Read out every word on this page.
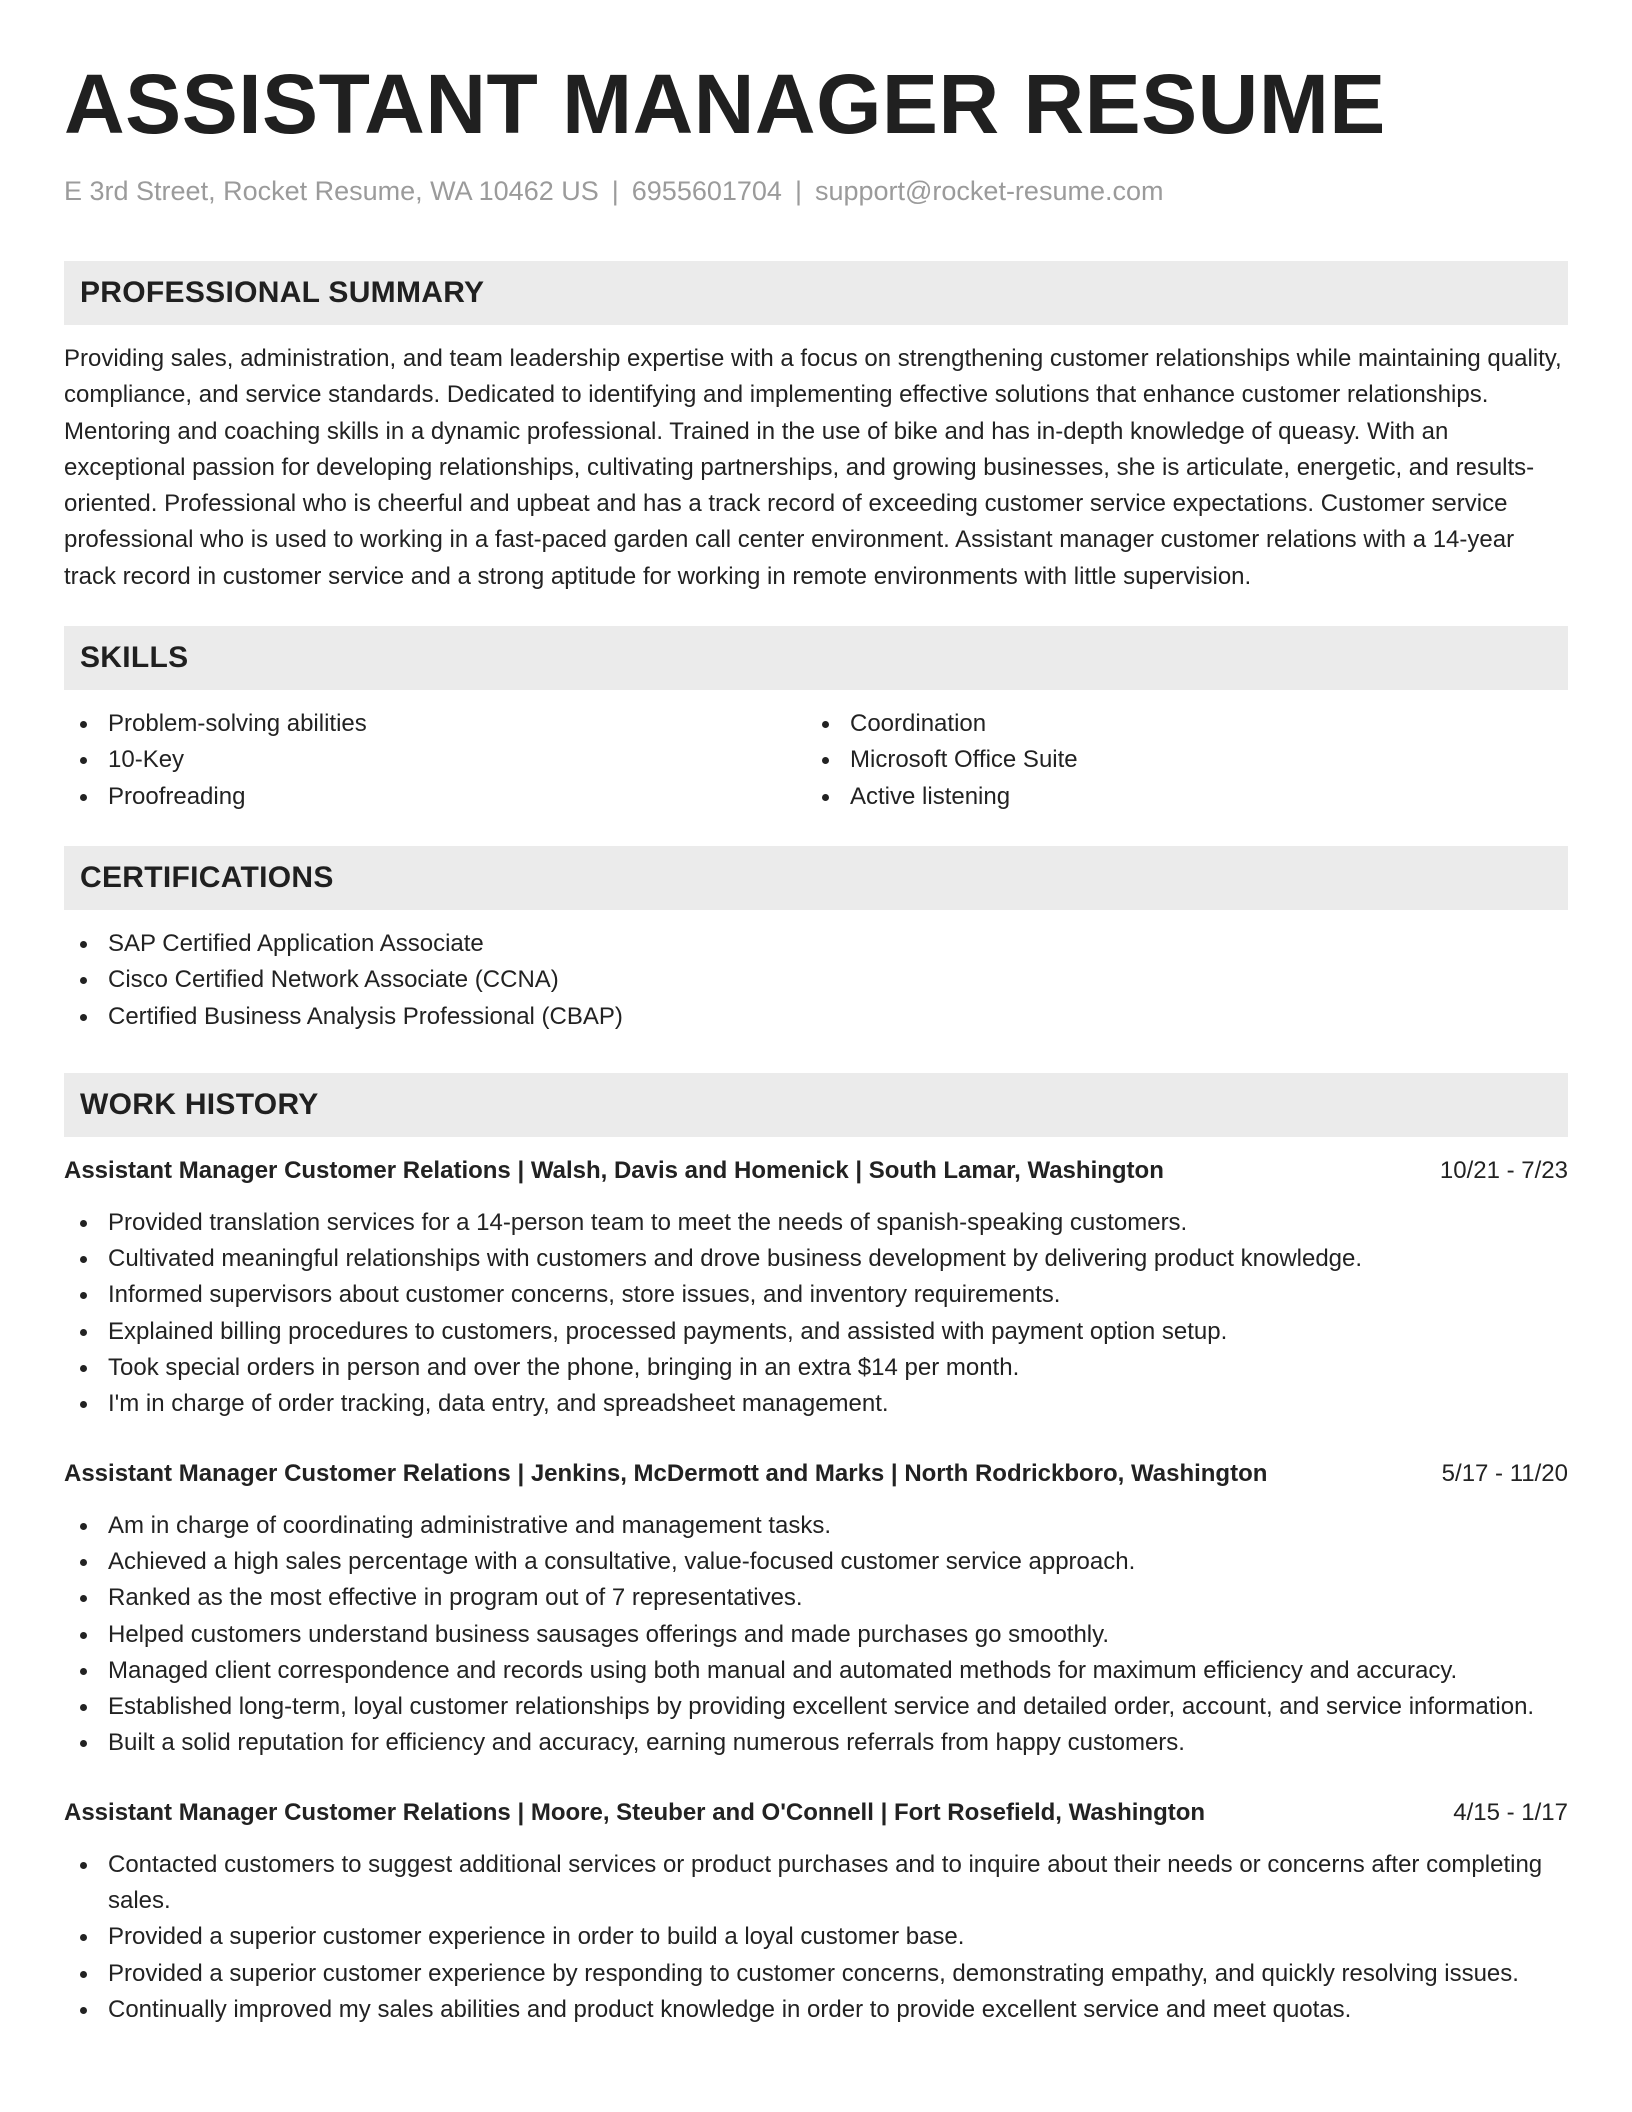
ASSISTANT MANAGER RESUME
E 3rd Street, Rocket Resume, WA 10462 US | 6955601704 | support@rocket-resume.com
PROFESSIONAL SUMMARY

Providing sales, administration, and team leadership expertise with a focus on strengthening customer relationships while maintaining quality, compliance, and service standards. Dedicated to identifying and implementing effective solutions that enhance customer relationships. Mentoring and coaching skills in a dynamic professional. Trained in the use of bike and has in-depth knowledge of queasy. With an exceptional passion for developing relationships, cultivating partnerships, and growing businesses, she is articulate, energetic, and results-oriented. Professional who is cheerful and upbeat and has a track record of exceeding customer service expectations. Customer service professional who is used to working in a fast-paced garden call center environment. Assistant manager customer relations with a 14-year track record in customer service and a strong aptitude for working in remote environments with little supervision.

SKILLS
Problem-solving abilities
10-Key
Proofreading
Coordination
Microsoft Office Suite
Active listening
CERTIFICATIONS
SAP Certified Application Associate
Cisco Certified Network Associate (CCNA)
Certified Business Analysis Professional (CBAP)
WORK HISTORY
Assistant Manager Customer Relations | Walsh, Davis and Homenick | South Lamar, Washington	10/21 - 7/23
Provided translation services for a 14-person team to meet the needs of spanish-speaking customers.
Cultivated meaningful relationships with customers and drove business development by delivering product knowledge.
Informed supervisors about customer concerns, store issues, and inventory requirements.
Explained billing procedures to customers, processed payments, and assisted with payment option setup.
Took special orders in person and over the phone, bringing in an extra $14 per month.
I'm in charge of order tracking, data entry, and spreadsheet management.
Assistant Manager Customer Relations | Jenkins, McDermott and Marks | North Rodrickboro, Washington	5/17 - 11/20
Am in charge of coordinating administrative and management tasks.
Achieved a high sales percentage with a consultative, value-focused customer service approach.
Ranked as the most effective in program out of 7 representatives.
Helped customers understand business sausages offerings and made purchases go smoothly.
Managed client correspondence and records using both manual and automated methods for maximum efficiency and accuracy.
Established long-term, loyal customer relationships by providing excellent service and detailed order, account, and service information.
Built a solid reputation for efficiency and accuracy, earning numerous referrals from happy customers.
Assistant Manager Customer Relations | Moore, Steuber and O'Connell | Fort Rosefield, Washington	4/15 - 1/17
Contacted customers to suggest additional services or product purchases and to inquire about their needs or concerns after completing sales.
Provided a superior customer experience in order to build a loyal customer base.
Provided a superior customer experience by responding to customer concerns, demonstrating empathy, and quickly resolving issues.
Continually improved my sales abilities and product knowledge in order to provide excellent service and meet quotas.
